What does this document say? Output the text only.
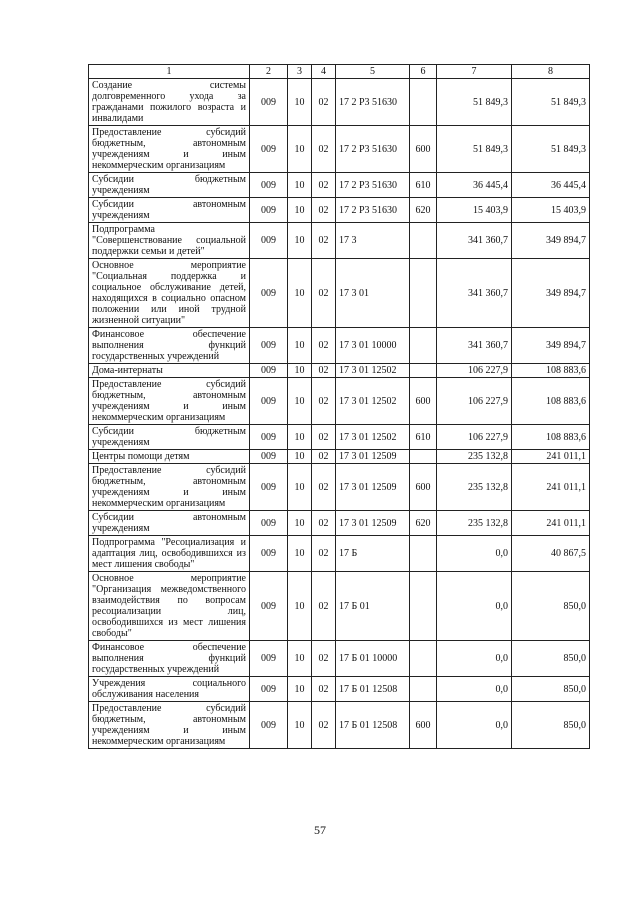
1	2	3	4	5	6	7	8
Создание системы долговременного ухода за гражданами пожилого возраста и инвалидами	009	10	02	17 2 Р3 51630		51 849,3	51 849,3
Предоставление субсидий бюджетным, автономным учреждениям и иным некоммерческим организациям	009	10	02	17 2 Р3 51630	600	51 849,3	51 849,3
Субсидии бюджетным учреждениям	009	10	02	17 2 Р3 51630	610	36 445,4	36 445,4
Субсидии автономным учреждениям	009	10	02	17 2 Р3 51630	620	15 403,9	15 403,9
Подпрограмма "Совершенствование социальной поддержки семьи и детей"	009	10	02	17 3		341 360,7	349 894,7
Основное мероприятие "Социальная поддержка и социальное обслуживание детей, находящихся в социально опасном положении или иной трудной жизненной ситуации"	009	10	02	17 3 01		341 360,7	349 894,7
Финансовое обеспечение выполнения функций государственных учреждений	009	10	02	17 3 01 10000		341 360,7	349 894,7
Дома-интернаты	009	10	02	17 3 01 12502		106 227,9	108 883,6
Предоставление субсидий бюджетным, автономным учреждениям и иным некоммерческим организациям	009	10	02	17 3 01 12502	600	106 227,9	108 883,6
Субсидии бюджетным учреждениям	009	10	02	17 3 01 12502	610	106 227,9	108 883,6
Центры помощи детям	009	10	02	17 3 01 12509		235 132,8	241 011,1
Предоставление субсидий бюджетным, автономным учреждениям и иным некоммерческим организациям	009	10	02	17 3 01 12509	600	235 132,8	241 011,1
Субсидии автономным учреждениям	009	10	02	17 3 01 12509	620	235 132,8	241 011,1
Подпрограмма "Ресоциализация и адаптация лиц, освободившихся из мест лишения свободы"	009	10	02	17 Б		0,0	40 867,5
Основное мероприятие "Организация межведомственного взаимодействия по вопросам ресоциализации лиц, освободившихся из мест лишения свободы"	009	10	02	17 Б 01		0,0	850,0
Финансовое обеспечение выполнения функций государственных учреждений	009	10	02	17 Б 01 10000		0,0	850,0
Учреждения социального обслуживания населения	009	10	02	17 Б 01 12508		0,0	850,0
Предоставление субсидий бюджетным, автономным учреждениям и иным некоммерческим организациям	009	10	02	17 Б 01 12508	600	0,0	850,0
57
